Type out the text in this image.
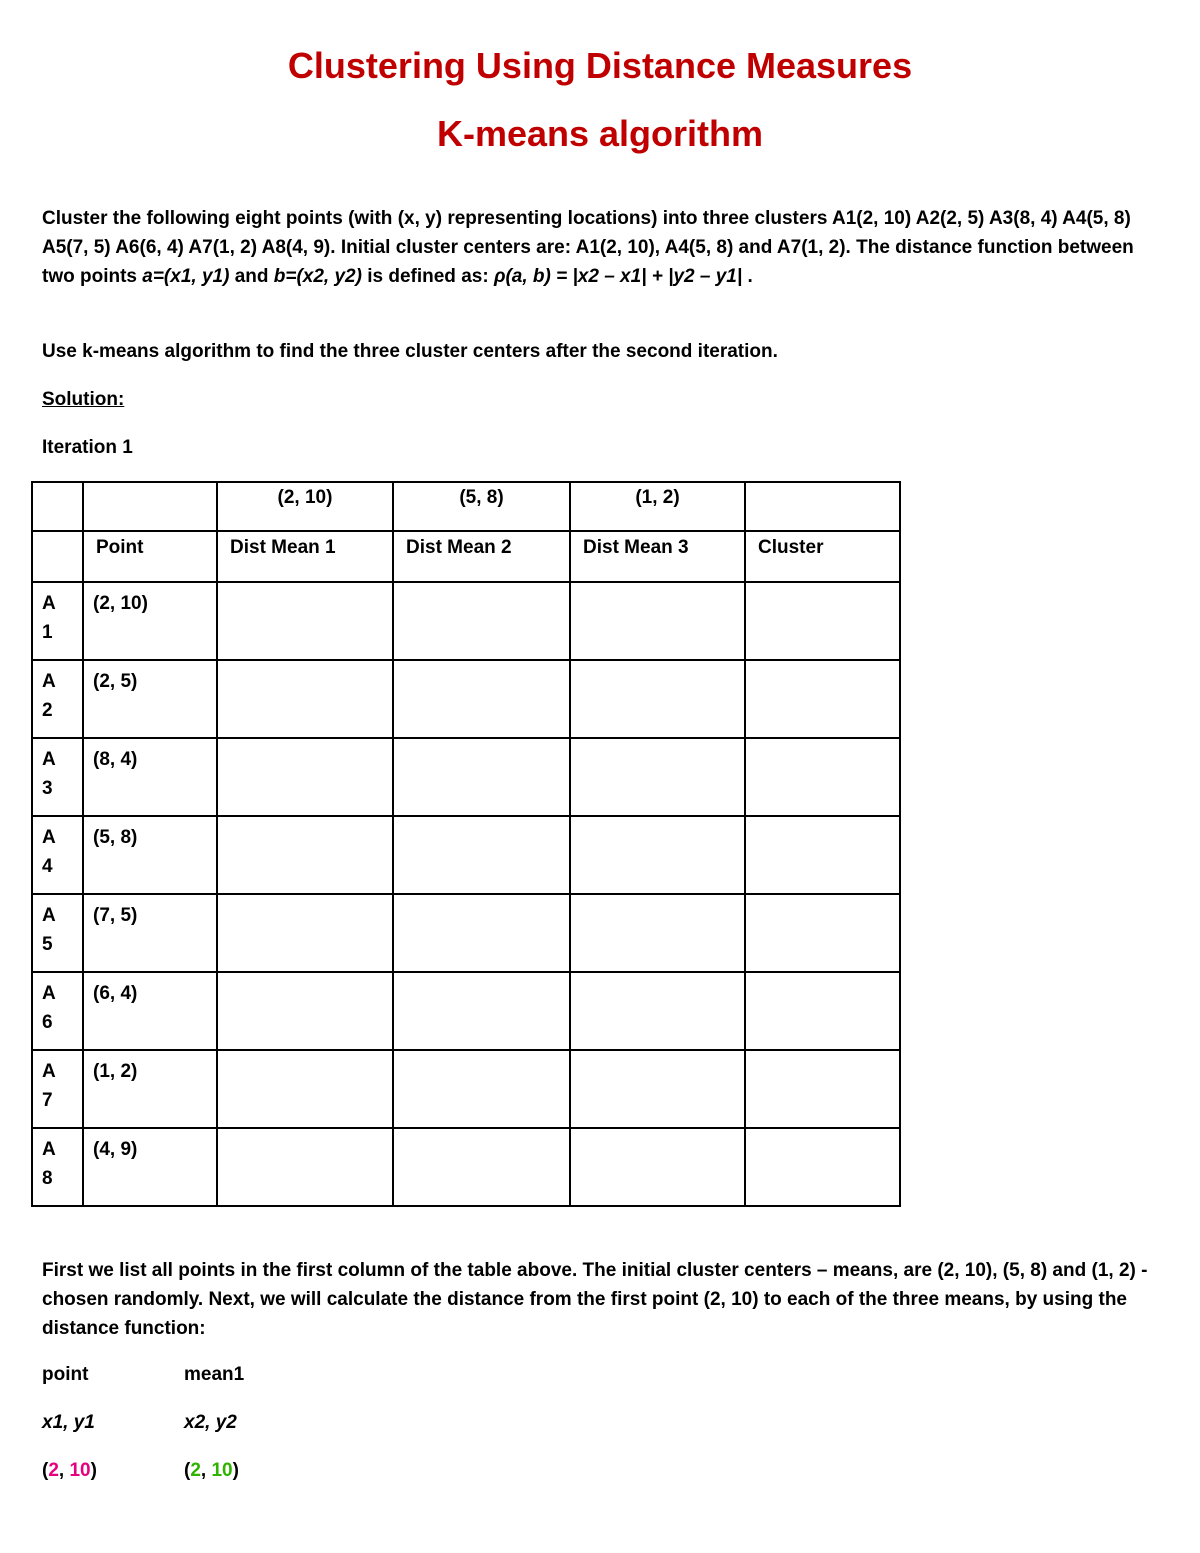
Clustering Using Distance Measures
K-means algorithm

Cluster the following eight points (with (x, y) representing locations) into three clusters A1(2, 10) A2(2, 5) A3(8, 4) A4(5, 8) A5(7, 5) A6(6, 4) A7(1, 2) A8(4, 9). Initial cluster centers are: A1(2, 10), A4(5, 8) and A7(1, 2). The distance function between two points a=(x1, y1) and b=(x2, y2) is defined as: ρ(a, b) = |x2 – x1| + |y2 – y1| .

Use k-means algorithm to find the three cluster centers after the second iteration.

Solution:

Iteration 1

		(2, 10)	(5, 8)	(1, 2)	
	Point	Dist Mean 1	Dist Mean 2	Dist Mean 3	Cluster

A
1	(2, 10)				

A
2	(2, 5)				

A
3	(8, 4)				

A
4	(5, 8)				

A
5	(7, 5)				

A
6	(6, 4)				

A
7	(1, 2)				

A
8	(4, 9)				

First we list all points in the first column of the table above. The initial cluster centers – means, are (2, 10), (5, 8) and (1, 2) - chosen randomly. Next, we will calculate the distance from the first point (2, 10) to each of the three means, by using the distance function:

point	mean1

x1, y1	x2, y2

(2, 10)	(2, 10)
